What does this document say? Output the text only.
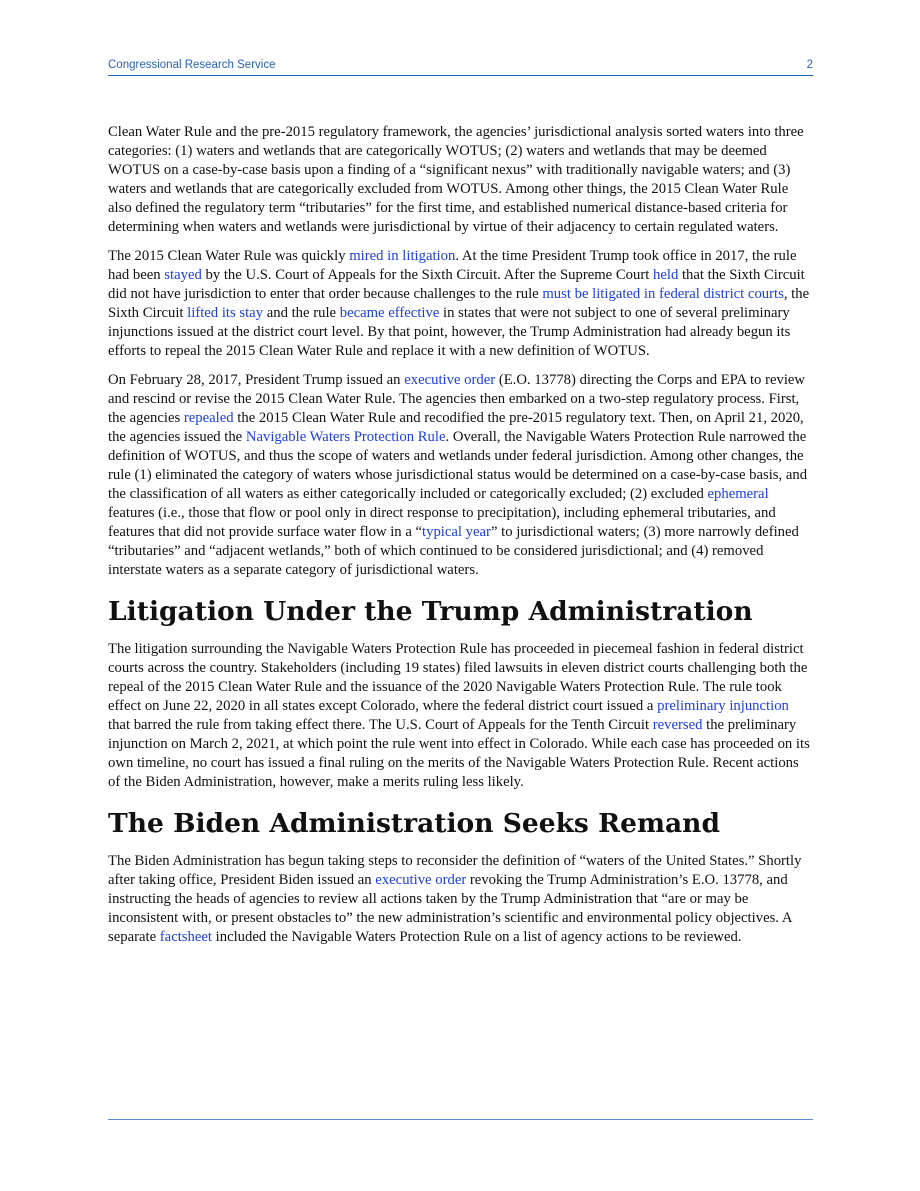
Congressional Research Service	2

Clean Water Rule and the pre-2015 regulatory framework, the agencies’ jurisdictional analysis sorted waters into three categories: (1) waters and wetlands that are categorically WOTUS; (2) waters and wetlands that may be deemed WOTUS on a case-by-case basis upon a finding of a “significant nexus” with traditionally navigable waters; and (3) waters and wetlands that are categorically excluded from WOTUS. Among other things, the 2015 Clean Water Rule also defined the regulatory term “tributaries” for the first time, and established numerical distance-based criteria for determining when waters and wetlands were jurisdictional by virtue of their adjacency to certain regulated waters.

The 2015 Clean Water Rule was quickly mired in litigation. At the time President Trump took office in 2017, the rule had been stayed by the U.S. Court of Appeals for the Sixth Circuit. After the Supreme Court held that the Sixth Circuit did not have jurisdiction to enter that order because challenges to the rule must be litigated in federal district courts, the Sixth Circuit lifted its stay and the rule became effective in states that were not subject to one of several preliminary injunctions issued at the district court level. By that point, however, the Trump Administration had already begun its efforts to repeal the 2015 Clean Water Rule and replace it with a new definition of WOTUS.

On February 28, 2017, President Trump issued an executive order (E.O. 13778) directing the Corps and EPA to review and rescind or revise the 2015 Clean Water Rule. The agencies then embarked on a two-step regulatory process. First, the agencies repealed the 2015 Clean Water Rule and recodified the pre-2015 regulatory text. Then, on April 21, 2020, the agencies issued the Navigable Waters Protection Rule. Overall, the Navigable Waters Protection Rule narrowed the definition of WOTUS, and thus the scope of waters and wetlands under federal jurisdiction. Among other changes, the rule (1) eliminated the category of waters whose jurisdictional status would be determined on a case-by-case basis, and the classification of all waters as either categorically included or categorically excluded; (2) excluded ephemeral features (i.e., those that flow or pool only in direct response to precipitation), including ephemeral tributaries, and features that did not provide surface water flow in a “typical year” to jurisdictional waters; (3) more narrowly defined “tributaries” and “adjacent wetlands,” both of which continued to be considered jurisdictional; and (4) removed interstate waters as a separate category of jurisdictional waters.

Litigation Under the Trump Administration

The litigation surrounding the Navigable Waters Protection Rule has proceeded in piecemeal fashion in federal district courts across the country. Stakeholders (including 19 states) filed lawsuits in eleven district courts challenging both the repeal of the 2015 Clean Water Rule and the issuance of the 2020 Navigable Waters Protection Rule. The rule took effect on June 22, 2020 in all states except Colorado, where the federal district court issued a preliminary injunction that barred the rule from taking effect there. The U.S. Court of Appeals for the Tenth Circuit reversed the preliminary injunction on March 2, 2021, at which point the rule went into effect in Colorado. While each case has proceeded on its own timeline, no court has issued a final ruling on the merits of the Navigable Waters Protection Rule. Recent actions of the Biden Administration, however, make a merits ruling less likely.

The Biden Administration Seeks Remand

The Biden Administration has begun taking steps to reconsider the definition of “waters of the United States.” Shortly after taking office, President Biden issued an executive order revoking the Trump Administration’s E.O. 13778, and instructing the heads of agencies to review all actions taken by the Trump Administration that “are or may be inconsistent with, or present obstacles to” the new administration’s scientific and environmental policy objectives. A separate factsheet included the Navigable Waters Protection Rule on a list of agency actions to be reviewed.
